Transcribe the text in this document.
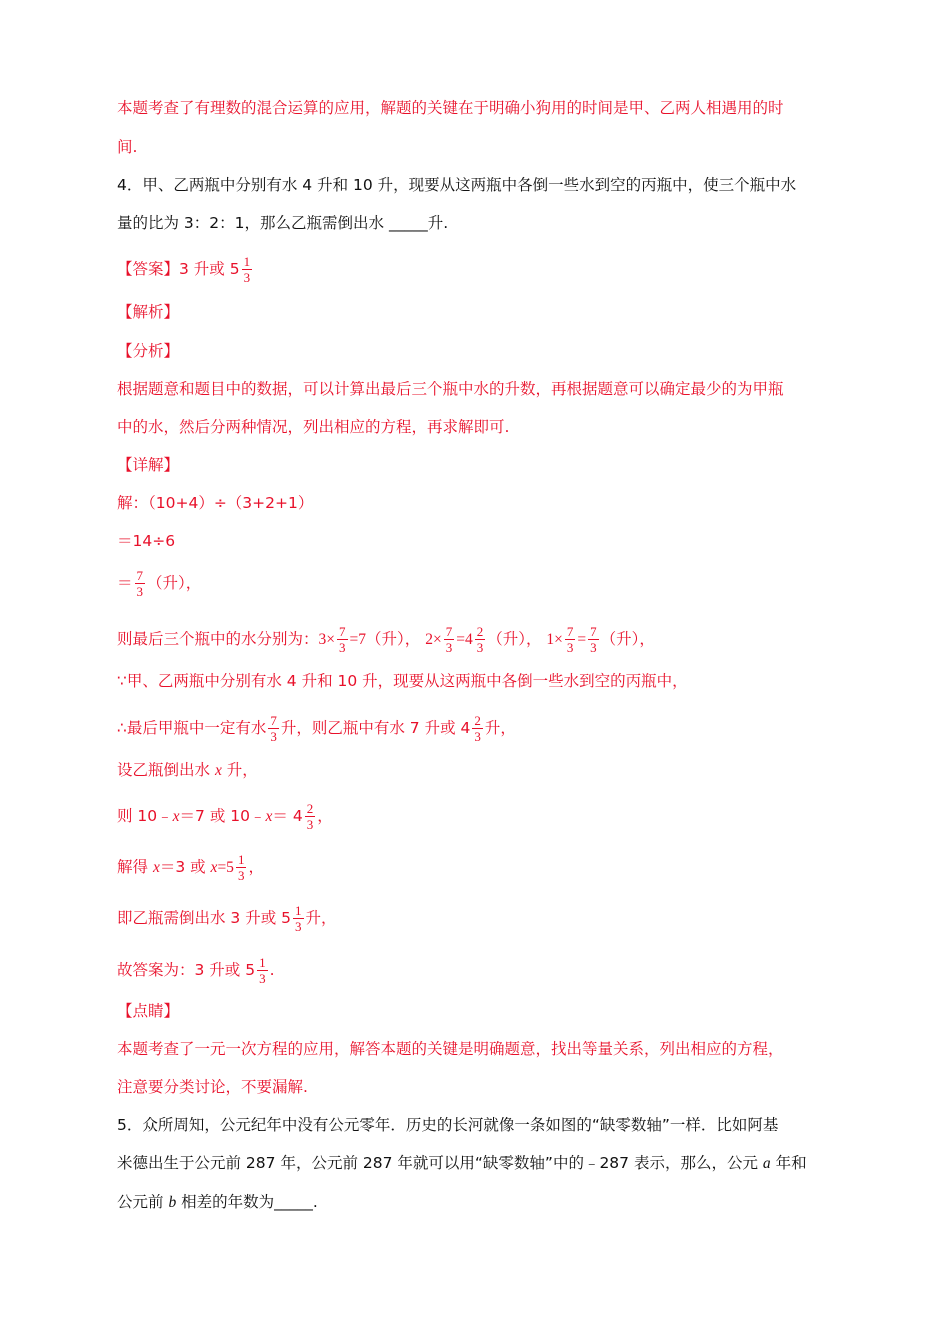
本题考查了有理数的混合运算的应用，解题的关键在于明确小狗用的时间是甲、乙两人相遇用的时
间.
4．甲、乙两瓶中分别有水 4 升和 10 升，现要从这两瓶中各倒一些水到空的丙瓶中，使三个瓶中水
量的比为 3：2：1，那么乙瓶需倒出水 _____升.
【答案】3 升或 $5 \frac{1}{3}$
【解析】
【分析】
根据题意和题目中的数据，可以计算出最后三个瓶中水的升数，再根据题意可以确定最少的为甲瓶
中的水，然后分两种情况，列出相应的方程，再求解即可.
【详解】
解：（10+4）÷（3+2+1）
＝14÷6
＝ $\frac{7}{3}$ （升），
则最后三个瓶中的水分别为：$3\times \frac{7}{3} =7$（升）， $2\times \frac{7}{3} =4 \frac{2}{3}$ （升）， $1\times \frac{7}{3} = \frac{7}{3}$ （升），
∵甲、乙两瓶中分别有水 4 升和 10 升，现要从这两瓶中各倒一些水到空的丙瓶中，
∴最后甲瓶中一定有水 $\frac{7}{3}$ 升，则乙瓶中有水 7 升或 $4 \frac{2}{3}$ 升，
设乙瓶倒出水 x 升，
则 10﹣x＝7 或 10﹣x＝ $4 \frac{2}{3}$ ，
解得 x＝3 或 $x=5 \frac{1}{3}$ ，
即乙瓶需倒出水 3 升或 $5 \frac{1}{3}$ 升，
故答案为：3 升或 $5 \frac{1}{3}$ .
【点睛】
本题考查了一元一次方程的应用，解答本题的关键是明确题意，找出等量关系，列出相应的方程，
注意要分类讨论，不要漏解.
5．众所周知，公元纪年中没有公元零年．历史的长河就像一条如图的“缺零数轴”一样．比如阿基
米德出生于公元前 287 年，公元前 287 年就可以用“缺零数轴”中的﹣287 表示，那么，公元 a 年和
公元前 b 相差的年数为_____.
